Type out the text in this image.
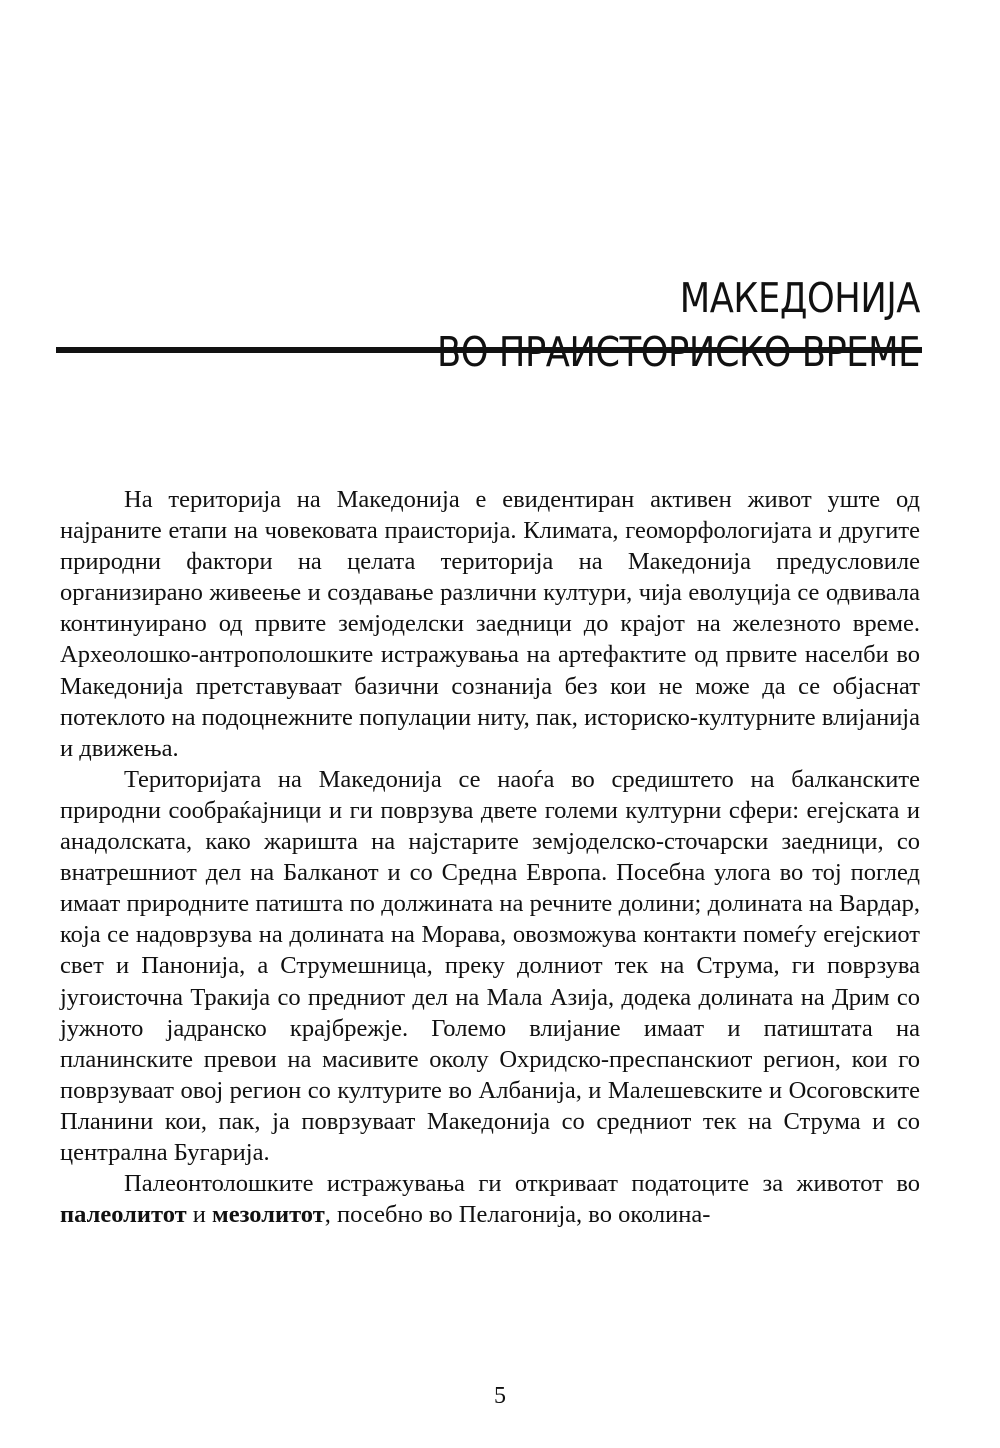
МАКЕДОНИЈА

На територија на Македонија е евидентиран активен живот уште од најраните етапи на човековата праисторија. Климата, геоморфологијата и другите природни фактори на целата територија на Македонија предусловиле организирано живеење и создавање различни култури, чија еволуција се одвивала континуирано од првите земјоделски заедници до крајот на железното време. Археолошко-антрополошките истражувања на артефактите од првите населби во Македонија претставуваат базични сознанија без кои не може да се објаснат потеклото на подоцнежните популации ниту, пак, историско-културните влијанија и движења.

Територијата на Македонија се наоѓа во средиштето на балканските природни сообраќајници и ги поврзува двете големи културни сфери: егејската и анадолската, како жаришта на најстарите земјоделско-сточарски заедници, со внатрешниот дел на Балканот и со Средна Европа. Посебна улога во тој поглед имаат природните патишта по должината на речните долини; долината на Вардар, која се надоврзува на долината на Морава, овозможува контакти помеѓу егејскиот свет и Панонија, а Струмешница, преку долниот тек на Струма, ги поврзува југоисточна Тракија со предниот дел на Мала Азија, додека долината на Дрим со јужното јадранско крајбрежје. Големо влијание имаат и патиштата на планинските превои на масивите околу Охридско-преспанскиот регион, кои го поврзуваат овој регион со културите во Албанија, и Малешевските и Осоговските Планини кои, пак, ја поврзуваат Македонија со средниот тек на Струма и со централна Бугарија.

Палеонтолошките истражувања ги откриваат податоците за животот во палеолитот и мезолитот, посебно во Пелагонија, во околина-

5
